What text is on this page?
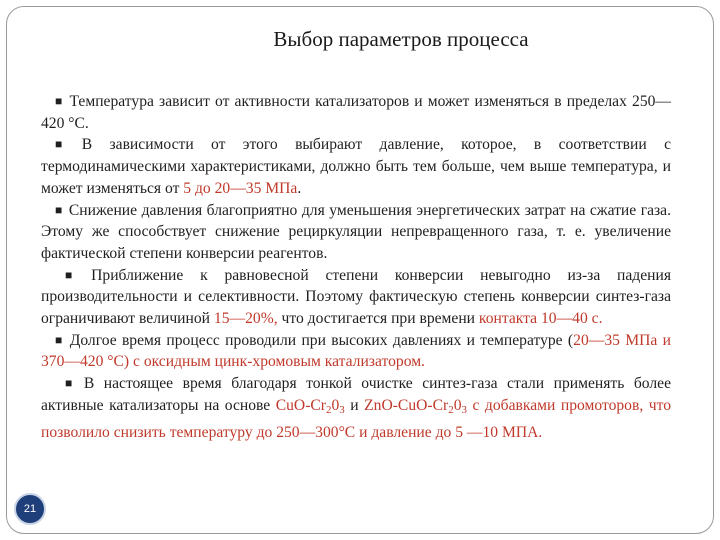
Выбор параметров процесса

■ Температура зависит от активности катализаторов и может изменяться в пределах 250—420 °С.

■ В зависимости от этого выбирают давление, которое, в соответствии с термодинамическими характеристиками, должно быть тем больше, чем выше температура, и может изменяться от 5 до 20—35 МПа.

■ Снижение давления благоприятно для уменьшения энергетических затрат на сжатие газа. Этому же способствует снижение рециркуляции непревращенного газа, т. е. увеличение фактической степени конверсии реагентов.

■ Приближение к равновесной степени конверсии невыгодно из-за падения производительности и селективности. Поэтому фактическую степень конверсии синтез-газа ограничивают величиной 15—20%, что достигается при времени контакта 10—40 с.

■ Долгое время процесс проводили при высоких давлениях и температуре (20—35 МПа и 370—420 °С) с оксидным цинк-хромовым катализатором.

■ В настоящее время благодаря тонкой очистке синтез-газа стали применять более активные катализаторы на основе CuO-$Cr_20_3$ и ZnO-$CuO-Cr_20_3$ с добавками промоторов, что позволило снизить температуру до 250—300°С и давление до 5 —10 МПА.

21
